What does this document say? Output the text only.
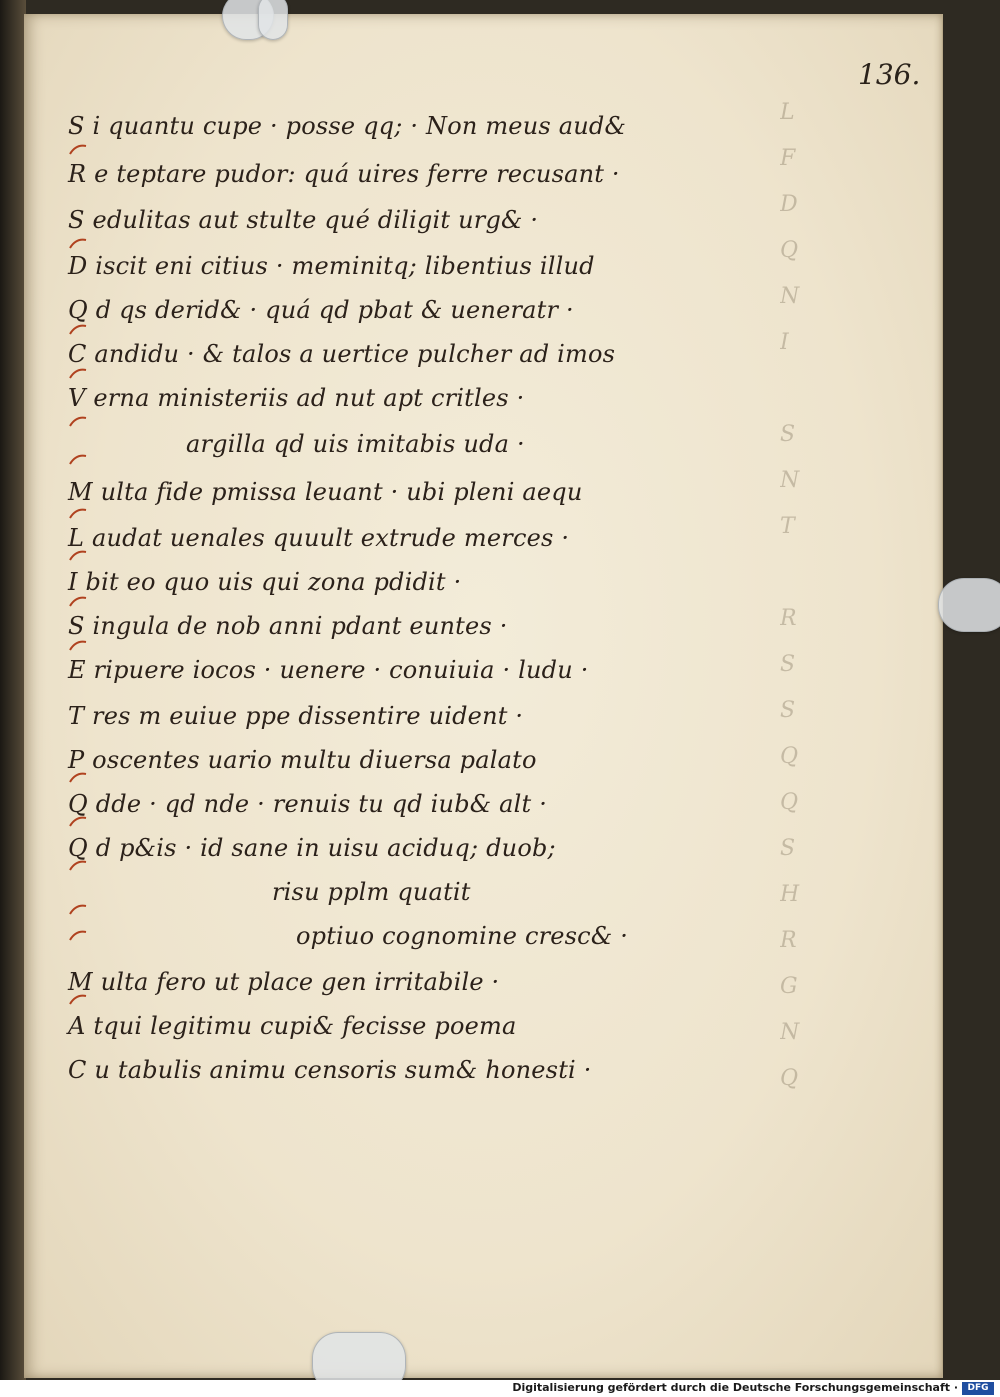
L
F
D
Q
N
I
S
N
T
R
S
S
Q
Q
S
H
R
G
N
Q
136.
S i quantu cupe · posse qq; · Non meus aud&
R e teptare pudor: quá uires ferre recusant ·
S edulitas aut stulte qué diligit urg& ·
D iscit eni citius · meminitq; libentius illud
Q d qs derid& · quá qd pbat & ueneratr ·
C andidu · & talos a uertice pulcher ad imos
V erna ministeriis ad nut apt critles ·
argilla qd uis imitabis uda ·
M ulta fide pmissa leuant · ubi pleni aequ
L audat uenales quuult extrude merces ·
I bit eo quo uis qui zona pdidit ·
S ingula de nob anni pdant euntes ·
E ripuere iocos · uenere · conuiuia · ludu ·
T res m euiue ppe dissentire uident ·
P oscentes uario multu diuersa palato
Q dde · qd nde · renuis tu qd iub& alt ·
Q d p&is · id sane in uisu aciduq; duob;
risu pplm quatit
optiuo cognomine cresc& ·
M ulta fero ut place gen irritabile ·
A tqui legitimu cupi& fecisse poema
C u tabulis animu censoris sum& honesti ·
Digitalisierung gefördert durch die Deutsche Forschungsgemeinschaft ·	DFG
